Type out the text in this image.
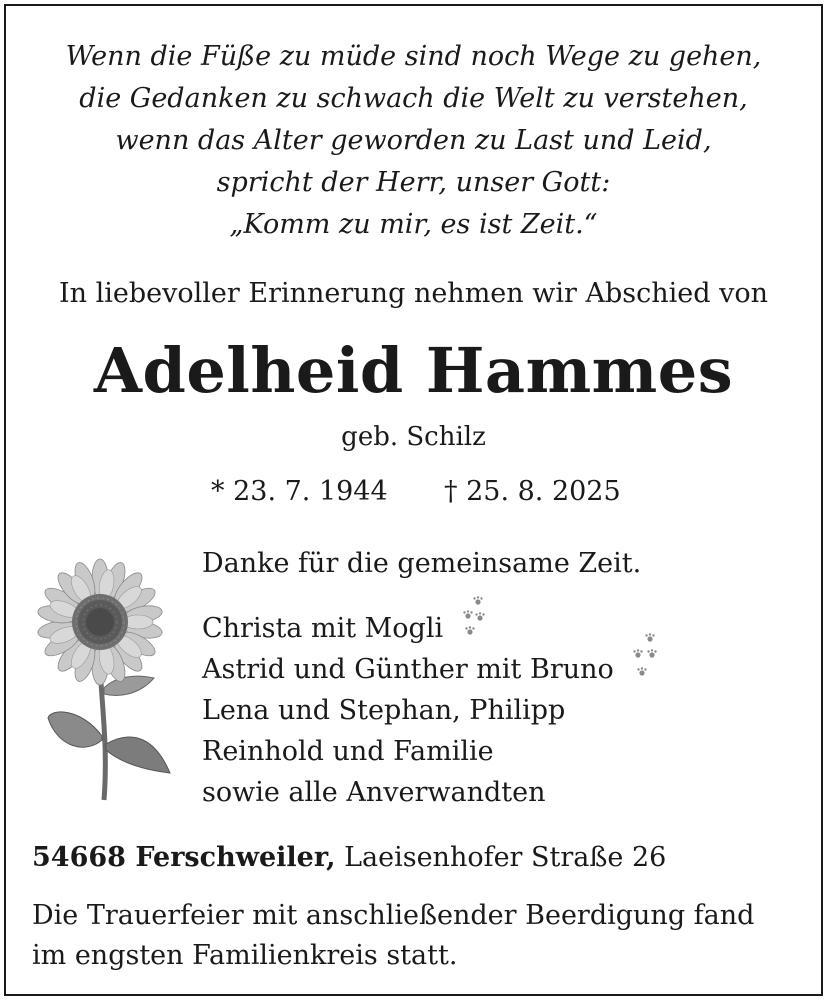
Wenn die Füße zu müde sind noch Wege zu gehen,
die Gedanken zu schwach die Welt zu verstehen,
wenn das Alter geworden zu Last und Leid,
spricht der Herr, unser Gott:
„Komm zu mir, es ist Zeit.“
In liebevoller Erinnerung nehmen wir Abschied von
Adelheid Hammes
geb. Schilz
* 23. 7. 1944 † 25. 8. 2025
Danke für die gemeinsame Zeit.
Christa mit Mogli
Astrid und Günther mit Bruno
Lena und Stephan, Philipp
Reinhold und Familie
sowie alle Anverwandten
54668 Ferschweiler, Laeisenhofer Straße 26
Die Trauerfeier mit anschließender Beerdigung fand
im engsten Familienkreis statt.
